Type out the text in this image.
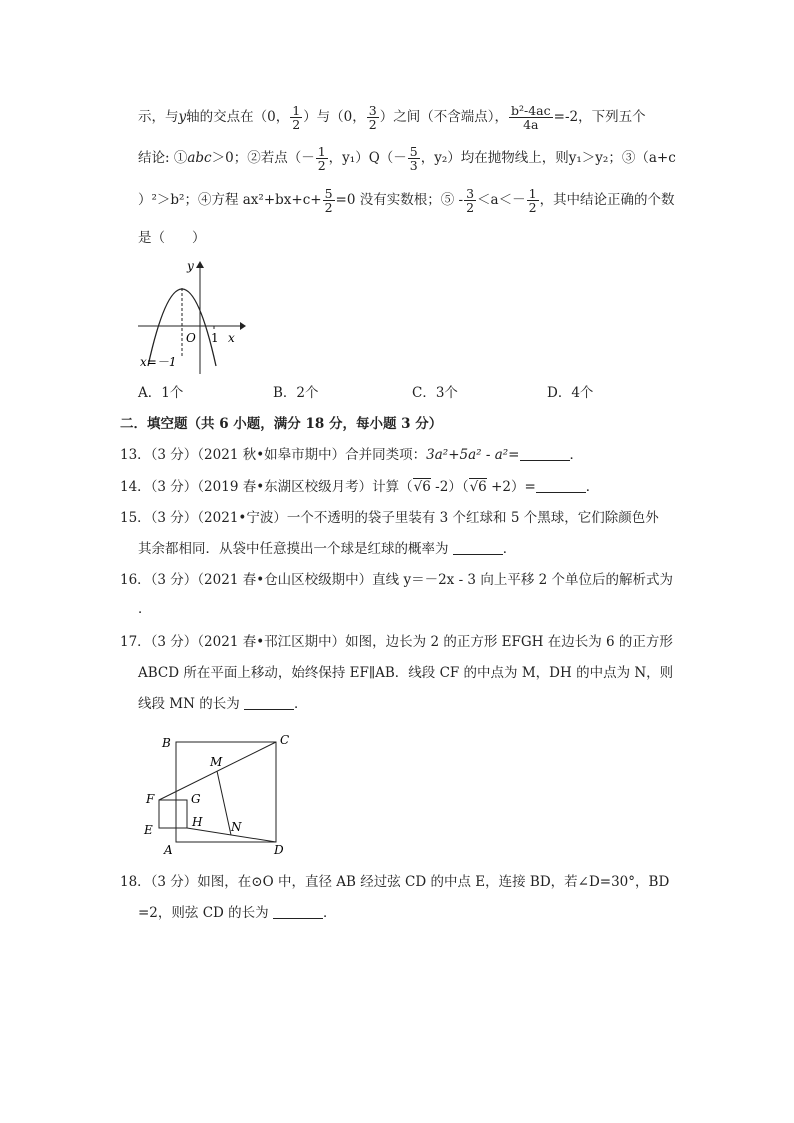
示，与y轴的交点在（0， $\frac{1}{2}$ ）与（0， $\frac{3}{2}$ ）之间（不含端点）， $\frac{\text{b²-4ac}}{4a} =-2$，下列五个
结论: ①abc＞0；②若点（－ $\frac{1}{2}$ ，$y_1)Q(- \frac{5}{3}$ ，y₂）均在抛物线上，则y₁＞y₂；③（a+c
）²＞b²；④方程 $ax^2+bx+c+ \frac{5}{2} =0$ 没有实数根；⑤ - $\frac{3}{2} <a<- \frac{1}{2}$ ，其中结论正确的个数
是（　　）
y
x
O 1
x=－1
A．1个	B．2个	C．3个	D．4个
二．填空题（共 6 小题，满分 18 分，每小题 3 分）
13．（3 分）（2021 秋•如皋市期中）合并同类项：3a²+5a² - a²=	．
14．（3 分）（2019 春•东湖区校级月考）计算（√6 -2）（√6 +2）=	．
15．（3 分）（2021•宁波）一个不透明的袋子里装有 3 个红球和 5 个黑球，它们除颜色外
其余都相同．从袋中任意摸出一个球是红球的概率为	．
16．（3 分）（2021 春•仓山区校级期中）直线 y＝－2x - 3 向上平移 2 个单位后的解析式为
．
17．（3 分）（2021 春•邗江区期中）如图，边长为 2 的正方形 EFGH 在边长为 6 的正方形
ABCD 所在平面上移动，始终保持 EF∥AB．线段 CF 的中点为 M，DH 的中点为 N，则
线段 MN 的长为	．
B	C
M
F	G
H N
E
A	D
18．（3 分）如图，在⊙O 中，直径 AB 经过弦 CD 的中点 E，连接 BD，若∠D=30°，BD
=2，则弦 CD 的长为	．
